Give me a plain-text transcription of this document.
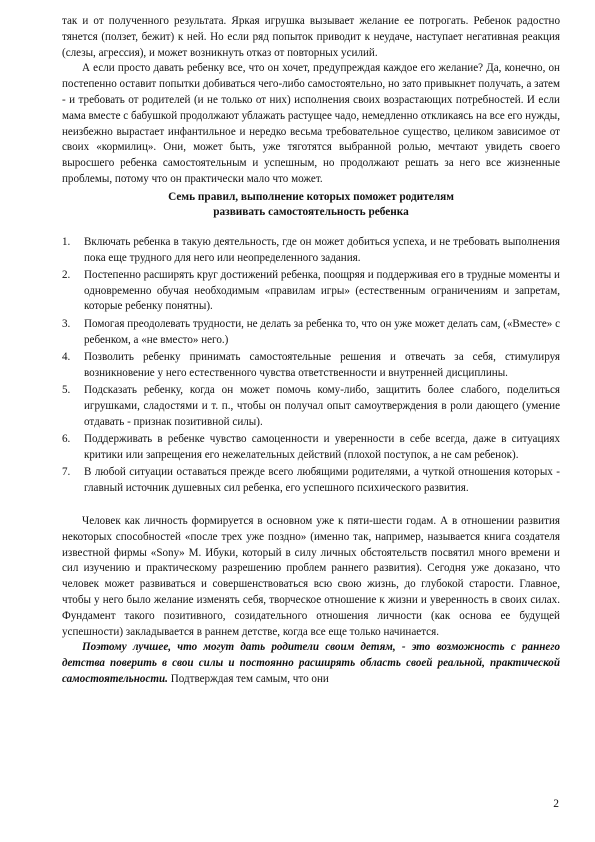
так и от полученного результата. Яркая игрушка вызывает желание ее потрогать. Ребенок радостно тянется (ползет, бежит) к ней. Но если ряд попыток приводит к неудаче, наступает негативная реакция (слезы, агрессия), и может возникнуть отказ от повторных усилий.

А если просто давать ребенку все, что он хочет, предупреждая каждое его желание? Да, конечно, он постепенно оставит попытки добиваться чего-либо самостоятельно, но зато привыкнет получать, а затем - и требовать от родителей (и не только от них) исполнения своих возрастающих потребностей. И если мама вместе с бабушкой продолжают ублажать растущее чадо, немедленно откликаясь на все его нужды, неизбежно вырастает инфантильное и нередко весьма требовательное существо, целиком зависимое от своих «кормилиц». Они, может быть, уже тяготятся выбранной ролью, мечтают увидеть своего выросшего ребенка самостоятельным и успешным, но продолжают решать за него все жизненные проблемы, потому что он практически мало что может.

Семь правил, выполнение которых поможет родителям
развивать самостоятельность ребенка
1.	Включать ребенка в такую деятельность, где он может добиться успеха, и не требовать выполнения пока еще трудного для него или неопределенного задания.
2.	Постепенно расширять круг достижений ребенка, поощряя и поддерживая его в трудные моменты и одновременно обучая необходимым «правилам игры» (естественным ограничениям и запретам, которые ребенку понятны).
3.	Помогая преодолевать трудности, не делать за ребенка то, что он уже может делать сам, («Вместе» с ребенком, а «не вместо» него.)
4.	Позволить ребенку принимать самостоятельные решения и отвечать за себя, стимулируя возникновение у него естественного чувства ответственности и внутренней дисциплины.
5.	Подсказать ребенку, когда он может помочь кому-либо, защитить более слабого, поделиться игрушками, сладостями и т. п., чтобы он получал опыт самоутверждения в роли дающего (умение отдавать - признак позитивной силы).
6.	Поддерживать в ребенке чувство самоценности и уверенности в себе всегда, даже в ситуациях критики или запрещения его нежелательных действий (плохой поступок, а не сам ребенок).
7.	В любой ситуации оставаться прежде всего любящими родителями, а чуткой отношения которых - главный источник душевных сил ребенка, его успешного психического развития.

Человек как личность формируется в основном уже к пяти-шести годам. А в отношении развития некоторых способностей «после трех уже поздно» (именно так, например, называется книга создателя известной фирмы «Sony» М. Ибуки, который в силу личных обстоятельств посвятил много времени и сил изучению и практическому разрешению проблем раннего развития). Сегодня уже доказано, что человек может развиваться и совершенствоваться всю свою жизнь, до глубокой старости. Главное, чтобы у него было желание изменять себя, творческое отношение к жизни и уверенность в своих силах. Фундамент такого позитивного, созидательного отношения личности (как основа ее будущей успешности) закладывается в раннем детстве, когда все еще только начинается.

Поэтому лучшее, что могут дать родители своим детям, - это возможность с раннего детства поверить в свои силы и постоянно расширять область своей реальной, практической самостоятельности. Подтверждая тем самым, что они

2
